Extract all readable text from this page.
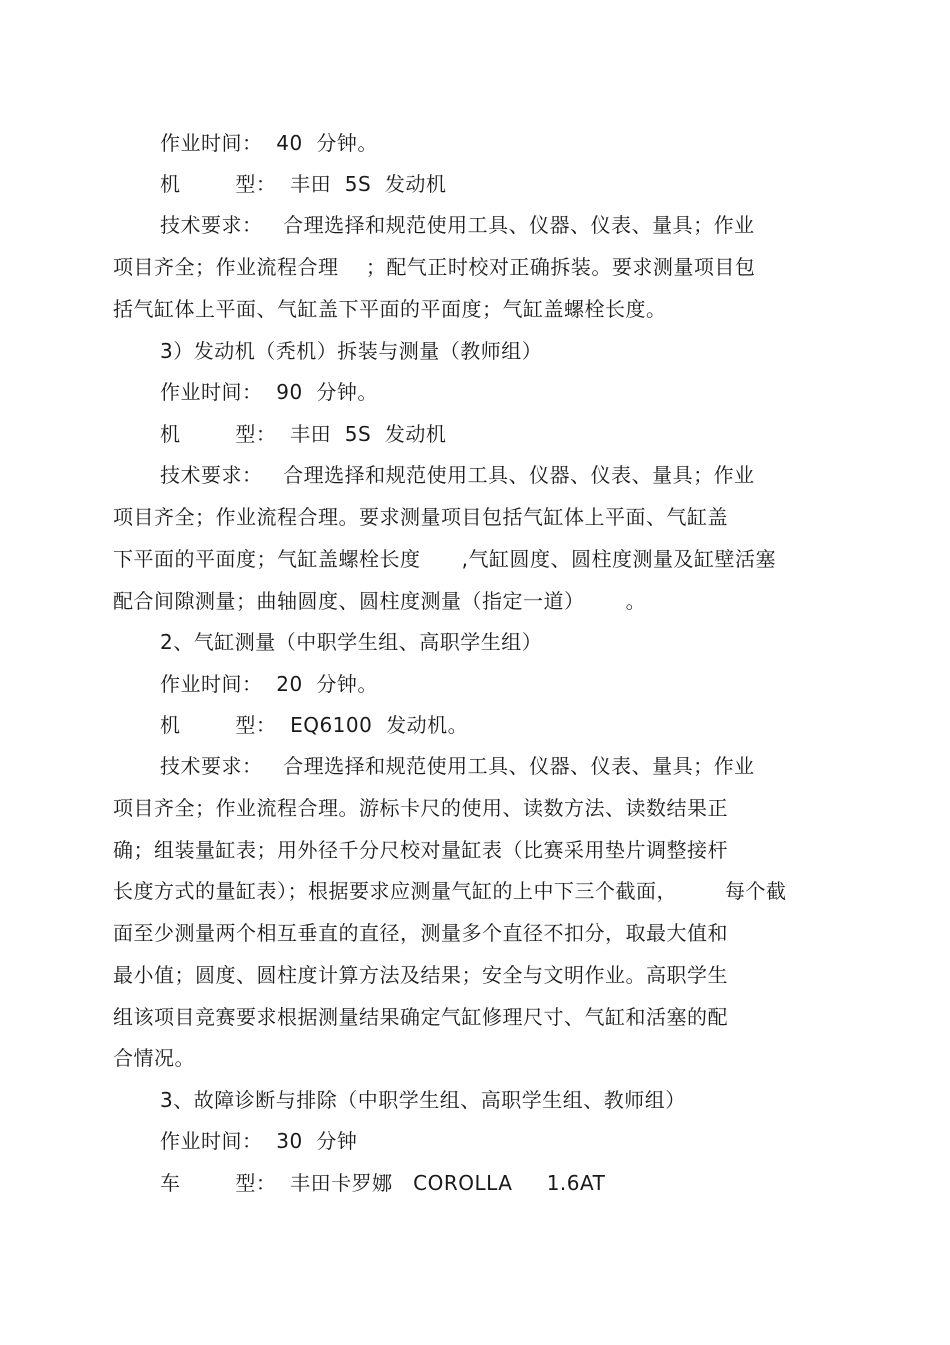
作业时间：  40  分钟。
机        型：  丰田  5S  发动机
技术要求：   合理选择和规范使用工具、仪器、仪表、量具；作业
项目齐全；作业流程合理    ；配气正时校对正确拆装。要求测量项目包
括气缸体上平面、气缸盖下平面的平面度；气缸盖螺栓长度。
3）发动机（秃机）拆装与测量（教师组）
作业时间：  90  分钟。
机        型：  丰田  5S  发动机
技术要求：   合理选择和规范使用工具、仪器、仪表、量具；作业
项目齐全；作业流程合理。要求测量项目包括气缸体上平面、气缸盖
下平面的平面度；气缸盖螺栓长度      ,气缸圆度、圆柱度测量及缸壁活塞
配合间隙测量；曲轴圆度、圆柱度测量（指定一道）      。
2、气缸测量（中职学生组、高职学生组）
作业时间：  20  分钟。
机        型：  EQ6100  发动机。
技术要求：   合理选择和规范使用工具、仪器、仪表、量具；作业
项目齐全；作业流程合理。游标卡尺的使用、读数方法、读数结果正
确；组装量缸表；用外径千分尺校对量缸表（比赛采用垫片调整接杆
长度方式的量缸表）；根据要求应测量气缸的上中下三个截面，       每个截
面至少测量两个相互垂直的直径，测量多个直径不扣分，取最大值和
最小值；圆度、圆柱度计算方法及结果；安全与文明作业。高职学生
组该项目竞赛要求根据测量结果确定气缸修理尺寸、气缸和活塞的配
合情况。
3、故障诊断与排除（中职学生组、高职学生组、教师组）
作业时间：  30  分钟
车        型：  丰田卡罗娜   COROLLA     1.6AT
